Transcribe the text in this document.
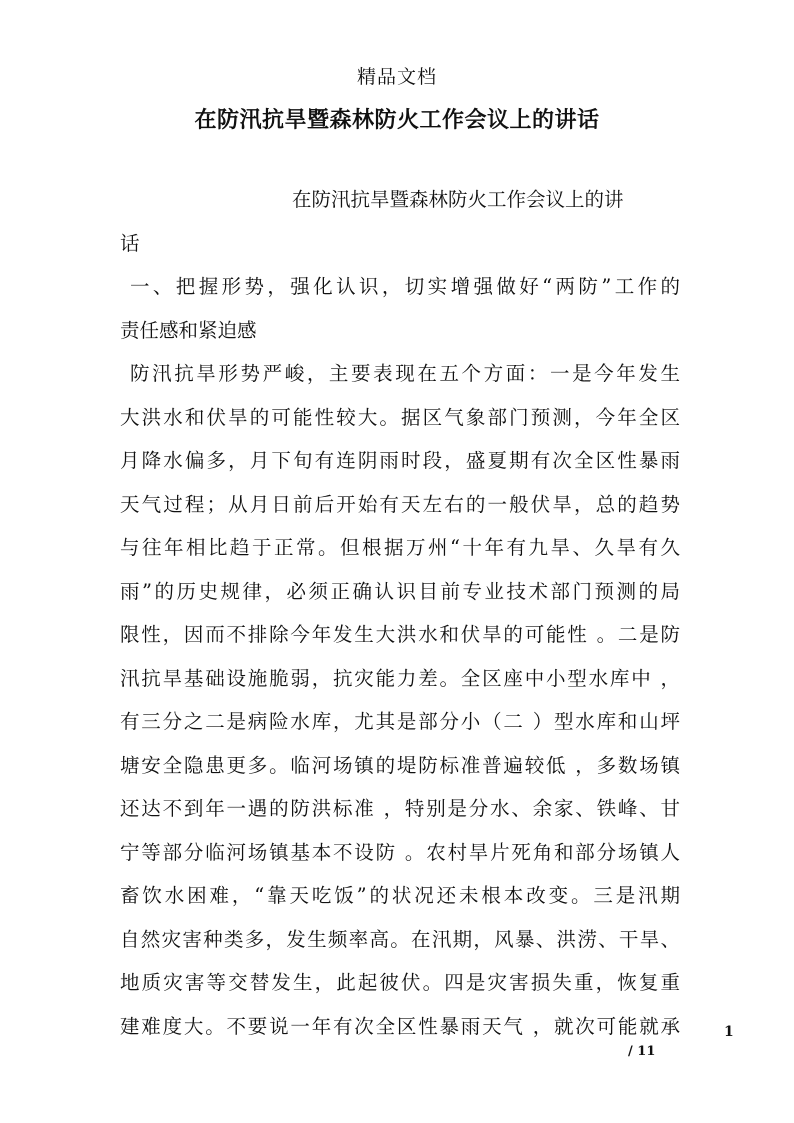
精品文档
在防汛抗旱暨森林防火工作会议上的讲话
在防汛抗旱暨森林防火工作会议上的讲
话
一、把握形势，强化认识，切实增强做好“两防”工作的
责任感和紧迫感
防汛抗旱形势严峻，主要表现在五个方面：一是今年发生
大洪水和伏旱的可能性较大。据区气象部门预测，今年全区
月降水偏多，月下旬有连阴雨时段，盛夏期有次全区性暴雨
天气过程；从月日前后开始有天左右的一般伏旱，总的趋势
与往年相比趋于正常。但根据万州“十年有九旱、久旱有久
雨”的历史规律，必须正确认识目前专业技术部门预测的局
限性，因而不排除今年发生大洪水和伏旱的可能性 。二是防
汛抗旱基础设施脆弱，抗灾能力差。全区座中小型水库中 ，
有三分之二是病险水库，尤其是部分小（二 ）型水库和山坪
塘安全隐患更多。临河场镇的堤防标准普遍较低 ，多数场镇
还达不到年一遇的防洪标准 ，特别是分水、余家、铁峰、甘
宁等部分临河场镇基本不设防 。农村旱片死角和部分场镇人
畜饮水困难，“靠天吃饭”的状况还未根本改变。三是汛期
自然灾害种类多，发生频率高。在汛期，风暴、洪涝、干旱、
地质灾害等交替发生，此起彼伏。四是灾害损失重，恢复重
建难度大。不要说一年有次全区性暴雨天气 ，就次可能就承	1
/ 11
